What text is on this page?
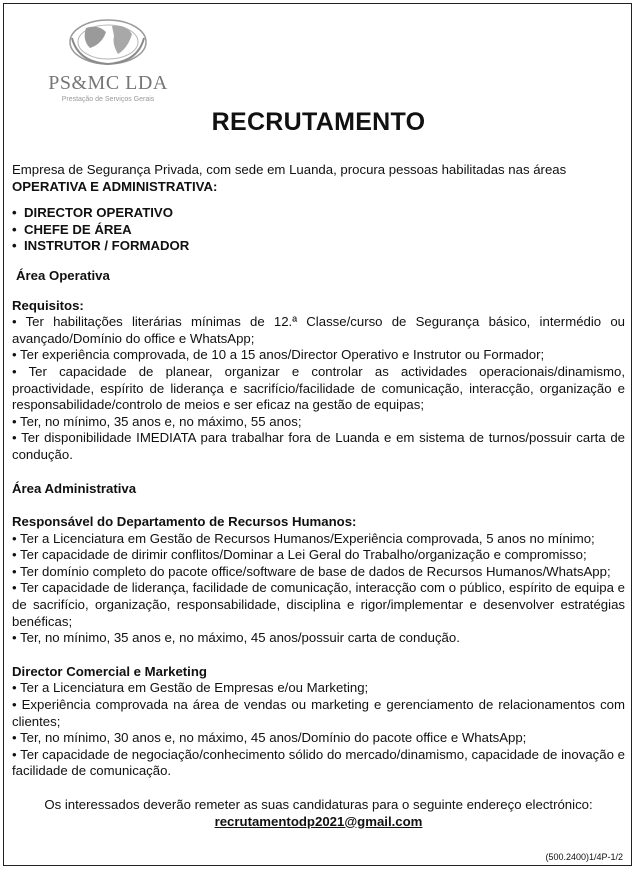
PS&MC LDA
Prestação de Serviços Gerais
RECRUTAMENTO

Empresa de Segurança Privada, com sede em Luanda, procura pessoas habilitadas nas áreas

OPERATIVA E ADMINISTRATIVA:

• DIRECTOR OPERATIVO
• CHEFE DE ÁREA
• INSTRUTOR / FORMADOR

Área Operativa

Requisitos:

• Ter habilitações literárias mínimas de 12.ª Classe/curso de Segurança básico, intermédio ou avançado/Domínio do office e WhatsApp;
• Ter experiência comprovada, de 10 a 15 anos/Director Operativo e Instrutor ou Formador;
• Ter capacidade de planear, organizar e controlar as actividades operacionais/dinamismo, proactividade, espírito de liderança e sacrifício/facilidade de comunicação, interacção, organização e responsabilidade/controlo de meios e ser eficaz na gestão de equipas;
• Ter, no mínimo, 35 anos e, no máximo, 55 anos;
• Ter disponibilidade IMEDIATA para trabalhar fora de Luanda e em sistema de turnos/possuir carta de condução.

Área Administrativa

Responsável do Departamento de Recursos Humanos:

• Ter a Licenciatura em Gestão de Recursos Humanos/Experiência comprovada, 5 anos no mínimo;
• Ter capacidade de dirimir conflitos/Dominar a Lei Geral do Trabalho/organização e compromisso;
• Ter domínio completo do pacote office/software de base de dados de Recursos Humanos/WhatsApp;
• Ter capacidade de liderança, facilidade de comunicação, interacção com o público, espírito de equipa e de sacrifício, organização, responsabilidade, disciplina e rigor/implementar e desenvolver estratégias benéficas;
• Ter, no mínimo, 35 anos e, no máximo, 45 anos/possuir carta de condução.

Director Comercial e Marketing

• Ter a Licenciatura em Gestão de Empresas e/ou Marketing;
• Experiência comprovada na área de vendas ou marketing e gerenciamento de relacionamentos com clientes;
• Ter, no mínimo, 30 anos e, no máximo, 45 anos/Domínio do pacote office e WhatsApp;
• Ter capacidade de negociação/conhecimento sólido do mercado/dinamismo, capacidade de inovação e facilidade de comunicação.

Os interessados deverão remeter as suas candidaturas para o seguinte endereço electrónico:

recrutamentodp2021@gmail.com

(500.2400)1/4P-1/2
